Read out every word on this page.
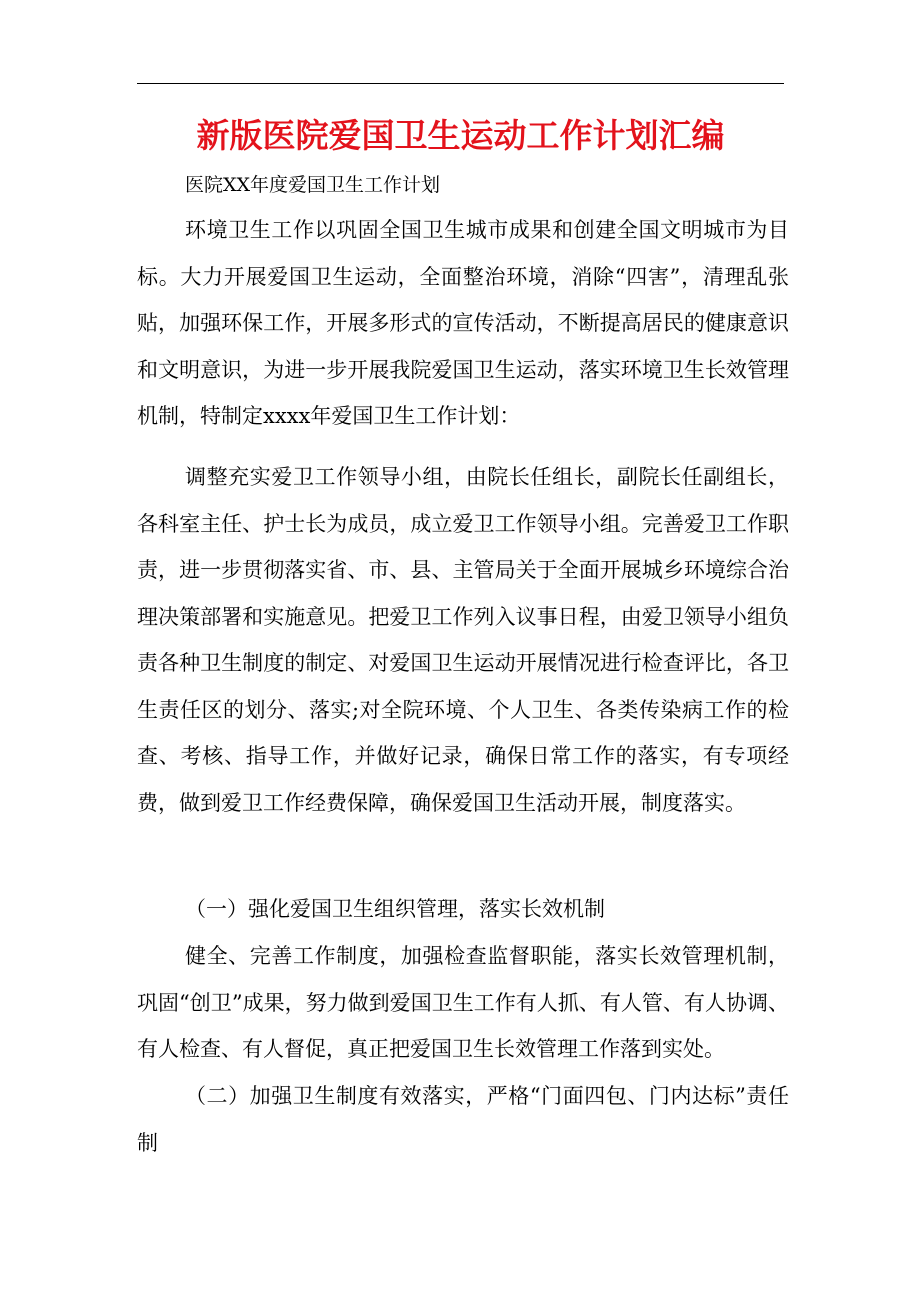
新版医院爱国卫生运动工作计划汇编
医院XX年度爱国卫生工作计划

环境卫生工作以巩固全国卫生城市成果和创建全国文明城市为目标。大力开展爱国卫生运动，全面整治环境，消除“四害”，清理乱张贴，加强环保工作，开展多形式的宣传活动，不断提高居民的健康意识和文明意识，为进一步开展我院爱国卫生运动，落实环境卫生长效管理机制，特制定xxxx年爱国卫生工作计划：

调整充实爱卫工作领导小组，由院长任组长，副院长任副组长，各科室主任、护士长为成员，成立爱卫工作领导小组。完善爱卫工作职责，进一步贯彻落实省、市、县、主管局关于全面开展城乡环境综合治理决策部署和实施意见。把爱卫工作列入议事日程，由爱卫领导小组负责各种卫生制度的制定、对爱国卫生运动开展情况进行检查评比，各卫生责任区的划分、落实;对全院环境、个人卫生、各类传染病工作的检查、考核、指导工作，并做好记录，确保日常工作的落实，有专项经费，做到爱卫工作经费保障，确保爱国卫生活动开展，制度落实。

（一）强化爱国卫生组织管理，落实长效机制

健全、完善工作制度，加强检查监督职能，落实长效管理机制，巩固“创卫”成果，努力做到爱国卫生工作有人抓、有人管、有人协调、有人检查、有人督促，真正把爱国卫生长效管理工作落到实处。

（二）加强卫生制度有效落实，严格“门面四包、门内达标”责任制
